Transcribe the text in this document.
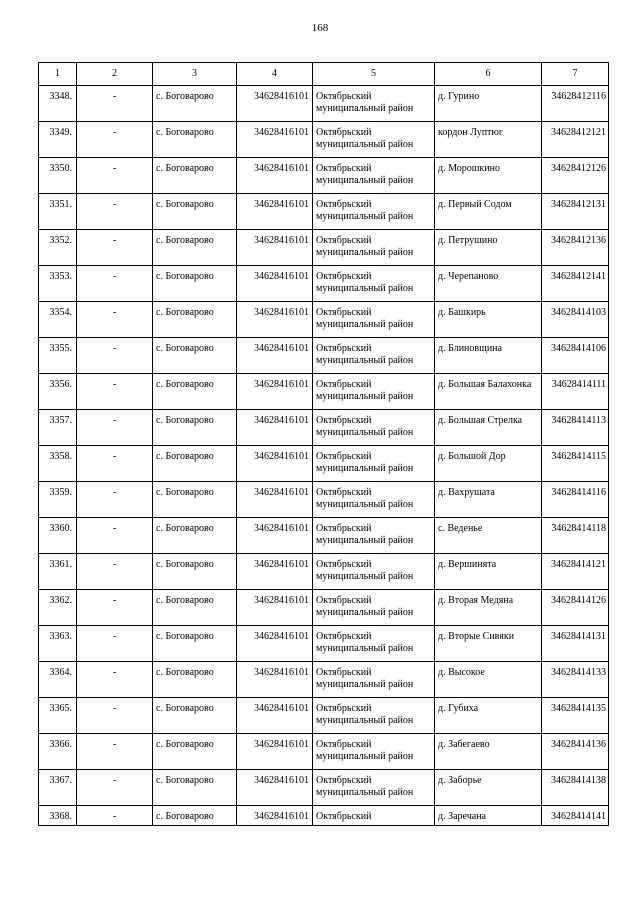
168
1	2	3	4	5	6	7
3348.	-	с. Боговарово	34628416101	Октябрьский муниципальный район	д. Гурино	34628412116
3349.	-	с. Боговарово	34628416101	Октябрьский муниципальный район	кордон Луптюг	34628412121
3350.	-	с. Боговарово	34628416101	Октябрьский муниципальный район	д. Морошкино	34628412126
3351.	-	с. Боговарово	34628416101	Октябрьский муниципальный район	д. Первый Содом	34628412131
3352.	-	с. Боговарово	34628416101	Октябрьский муниципальный район	д. Петрушино	34628412136
3353.	-	с. Боговарово	34628416101	Октябрьский муниципальный район	д. Черепаново	34628412141
3354.	-	с. Боговарово	34628416101	Октябрьский муниципальный район	д. Башкирь	34628414103
3355.	-	с. Боговарово	34628416101	Октябрьский муниципальный район	д. Блиновщина	34628414106
3356.	-	с. Боговарово	34628416101	Октябрьский муниципальный район	д. Большая Балахонка	34628414111
3357.	-	с. Боговарово	34628416101	Октябрьский муниципальный район	д. Большая Стрелка	34628414113
3358.	-	с. Боговарово	34628416101	Октябрьский муниципальный район	д. Большой Дор	34628414115
3359.	-	с. Боговарово	34628416101	Октябрьский муниципальный район	д. Вахрушата	34628414116
3360.	-	с. Боговарово	34628416101	Октябрьский муниципальный район	с. Веденье	34628414118
3361.	-	с. Боговарово	34628416101	Октябрьский муниципальный район	д. Вершинята	34628414121
3362.	-	с. Боговарово	34628416101	Октябрьский муниципальный район	д. Вторая Медяна	34628414126
3363.	-	с. Боговарово	34628416101	Октябрьский муниципальный район	д. Вторые Сивяки	34628414131
3364.	-	с. Боговарово	34628416101	Октябрьский муниципальный район	д. Высокое	34628414133
3365.	-	с. Боговарово	34628416101	Октябрьский муниципальный район	д. Губиха	34628414135
3366.	-	с. Боговарово	34628416101	Октябрьский муниципальный район	д. Забегаево	34628414136
3367.	-	с. Боговарово	34628416101	Октябрьский муниципальный район	д. Заборье	34628414138
3368.	-	с. Боговарово	34628416101	Октябрьский	д. Заречана	34628414141
